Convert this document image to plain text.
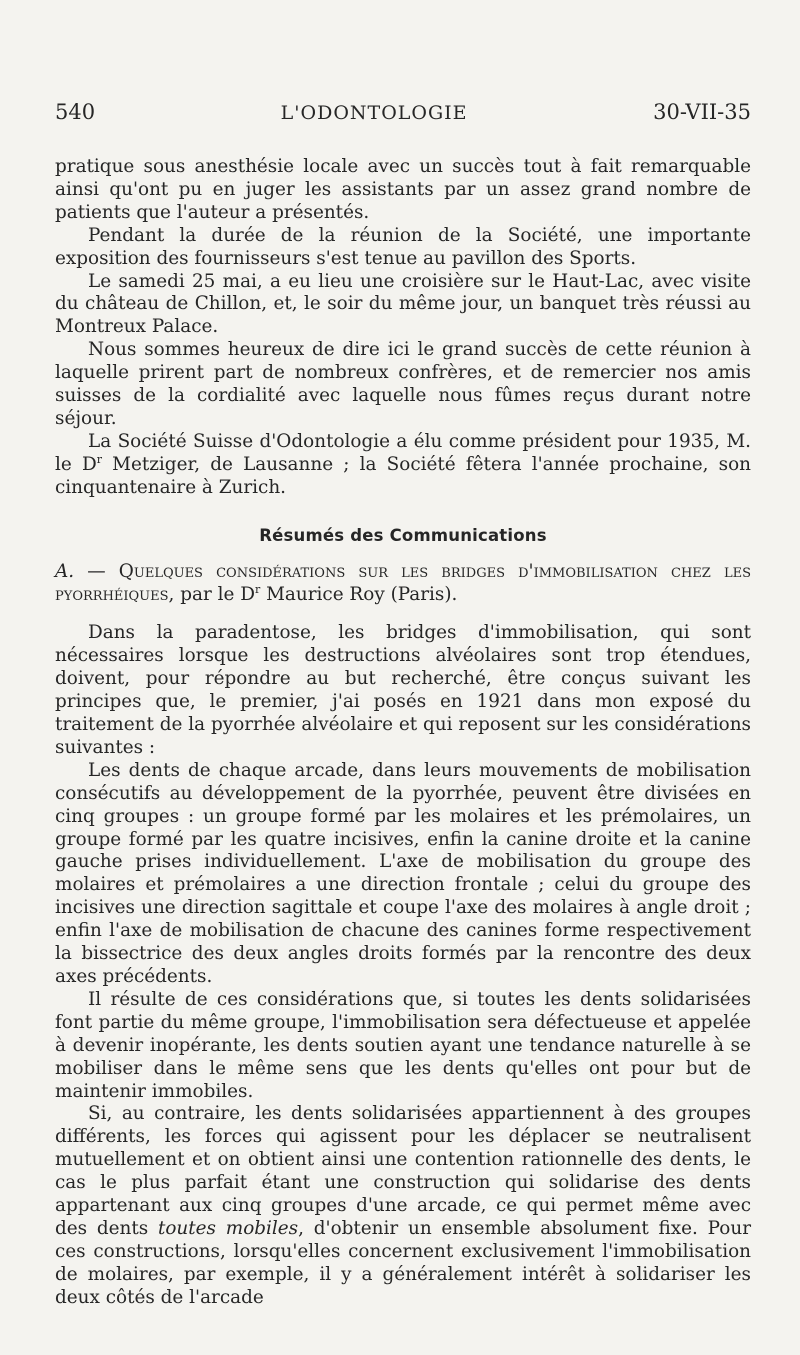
540	L'ODONTOLOGIE	30-VII-35

pratique sous anesthésie locale avec un succès tout à fait remarquable ainsi qu'ont pu en juger les assistants par un assez grand nombre de patients que l'auteur a présentés.

Pendant la durée de la réunion de la Société, une importante exposition des fournisseurs s'est tenue au pavillon des Sports.

Le samedi 25 mai, a eu lieu une croisière sur le Haut-Lac, avec visite du château de Chillon, et, le soir du même jour, un banquet très réussi au Montreux Palace.

Nous sommes heureux de dire ici le grand succès de cette réunion à laquelle prirent part de nombreux confrères, et de remercier nos amis suisses de la cordialité avec laquelle nous fûmes reçus durant notre séjour.

La Société Suisse d'Odontologie a élu comme président pour 1935, M. le $D^r$ Metziger, de Lausanne ; la Société fêtera l'année prochaine, son cinquantenaire à Zurich.

Résumés des Communications

A. — Quelques considérations sur les bridges d'immobilisation chez les pyorrhéiques, par le $D^r$ Maurice Roy (Paris).

Dans la paradentose, les bridges d'immobilisation, qui sont nécessaires lorsque les destructions alvéolaires sont trop étendues, doivent, pour répondre au but recherché, être conçus suivant les principes que, le premier, j'ai posés en 1921 dans mon exposé du traitement de la pyorrhée alvéolaire et qui reposent sur les considérations suivantes :

Les dents de chaque arcade, dans leurs mouvements de mobilisation consécutifs au développement de la pyorrhée, peuvent être divisées en cinq groupes : un groupe formé par les molaires et les prémolaires, un groupe formé par les quatre incisives, enfin la canine droite et la canine gauche prises individuellement. L'axe de mobilisation du groupe des molaires et prémolaires a une direction frontale ; celui du groupe des incisives une direction sagittale et coupe l'axe des molaires à angle droit ; enfin l'axe de mobilisation de chacune des canines forme respectivement la bissectrice des deux angles droits formés par la rencontre des deux axes précédents.

Il résulte de ces considérations que, si toutes les dents solidarisées font partie du même groupe, l'immobilisation sera défectueuse et appelée à devenir inopérante, les dents soutien ayant une tendance naturelle à se mobiliser dans le même sens que les dents qu'elles ont pour but de maintenir immobiles.

Si, au contraire, les dents solidarisées appartiennent à des groupes différents, les forces qui agissent pour les déplacer se neutralisent mutuellement et on obtient ainsi une contention rationnelle des dents, le cas le plus parfait étant une construction qui solidarise des dents appartenant aux cinq groupes d'une arcade, ce qui permet même avec des dents toutes mobiles, d'obtenir un ensemble absolument fixe. Pour ces constructions, lorsqu'elles concernent exclusivement l'immobilisation de molaires, par exemple, il y a généralement intérêt à solidariser les deux côtés de l'arcade
